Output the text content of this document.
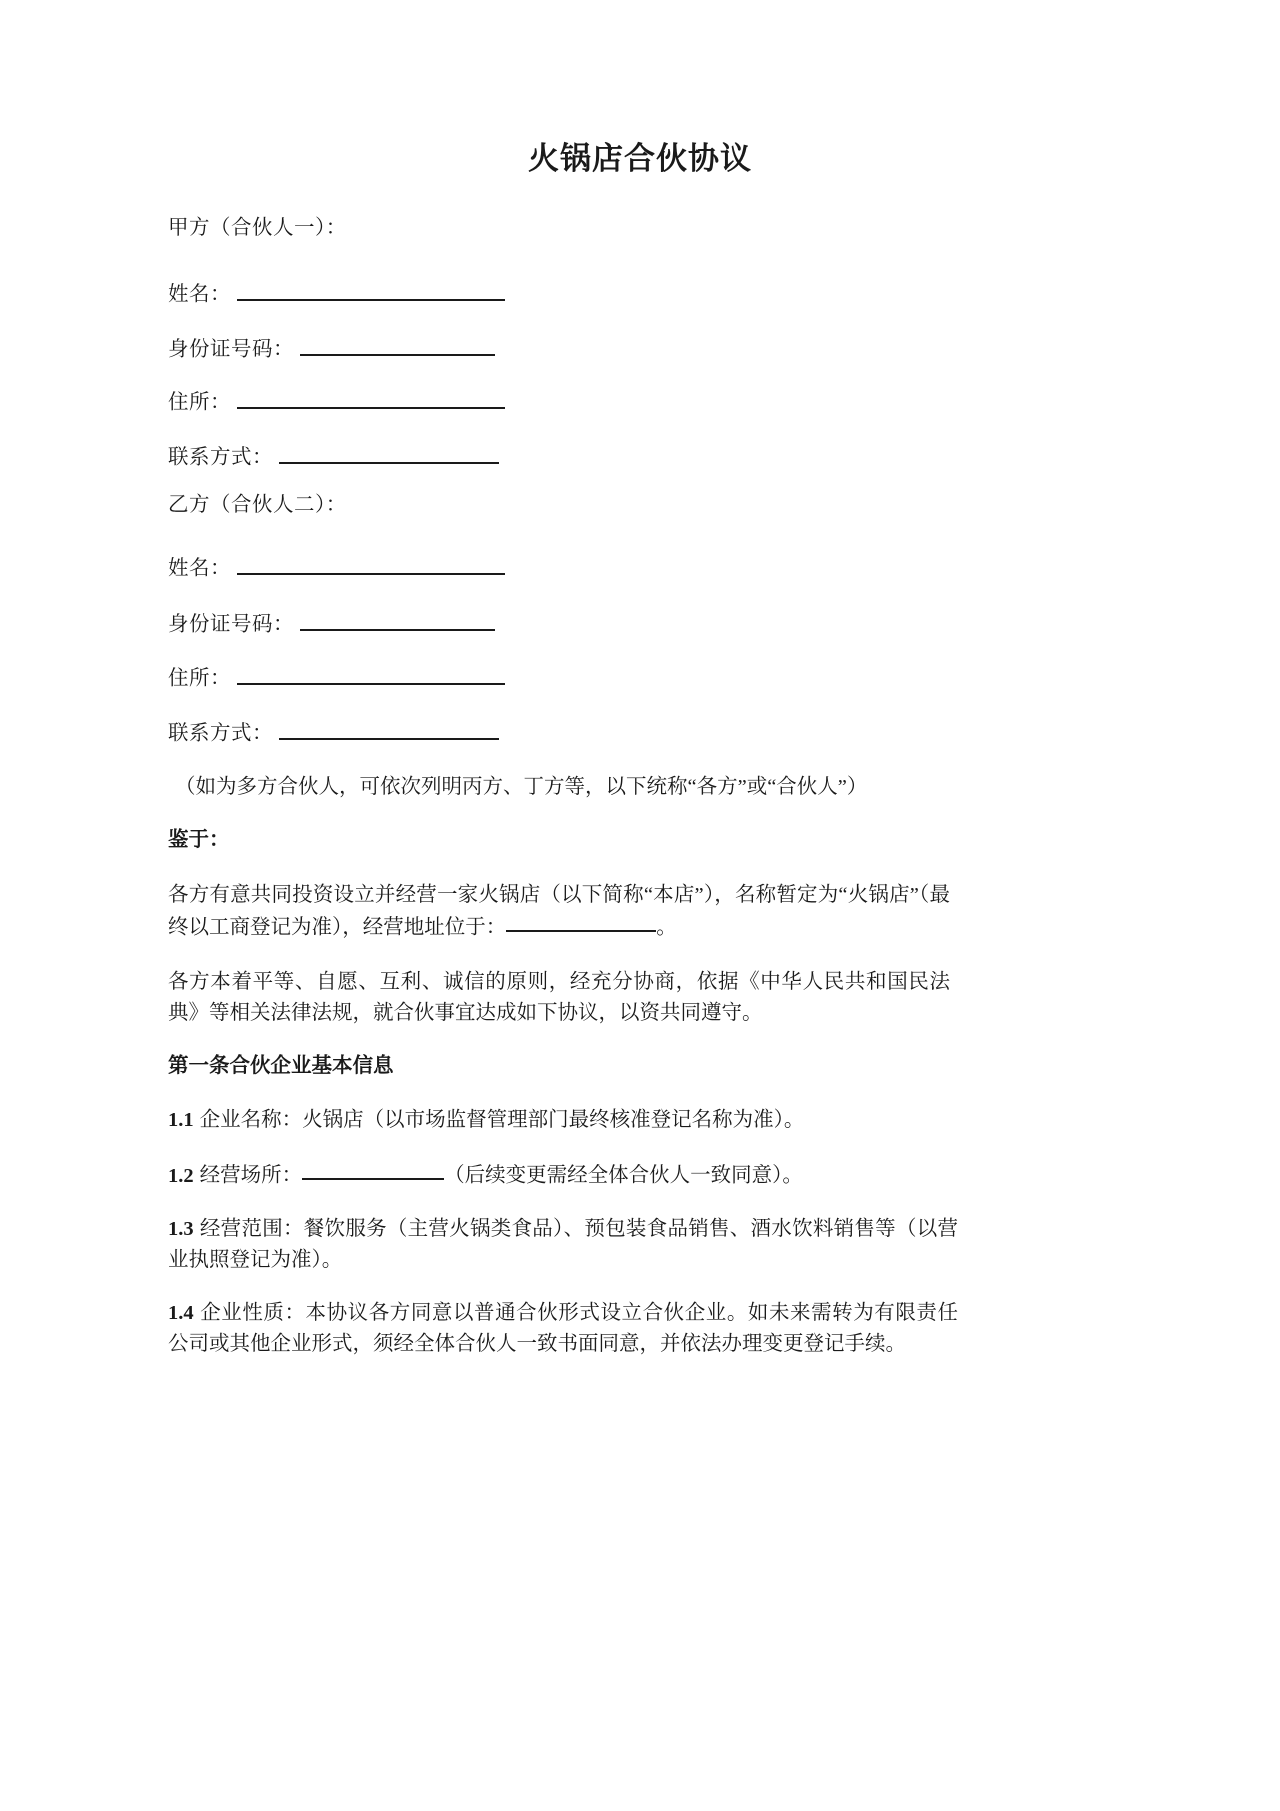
火锅店合伙协议
甲方（合伙人一）：
姓名：
身份证号码：
住所：
联系方式：
乙方（合伙人二）：
姓名：
身份证号码：
住所：
联系方式：

（如为多方合伙人，可依次列明丙方、丁方等，以下统称“各方”或“合伙人”）

鉴于：

各方有意共同投资设立并经营一家火锅店（以下简称“本店”），名称暂定为“火锅店”（最终以工商登记为准），经营地址位于：	。

各方本着平等、自愿、互利、诚信的原则，经充分协商，依据《中华人民共和国民法典》等相关法律法规，就合伙事宜达成如下协议，以资共同遵守。

第一条合伙企业基本信息

1.1 企业名称：火锅店（以市场监督管理部门最终核准登记名称为准）。

1.2 经营场所：	（后续变更需经全体合伙人一致同意）。

1.3 经营范围：餐饮服务（主营火锅类食品）、预包装食品销售、酒水饮料销售等（以营业执照登记为准）。

1.4 企业性质：本协议各方同意以普通合伙形式设立合伙企业。如未来需转为有限责任公司或其他企业形式，须经全体合伙人一致书面同意，并依法办理变更登记手续。
